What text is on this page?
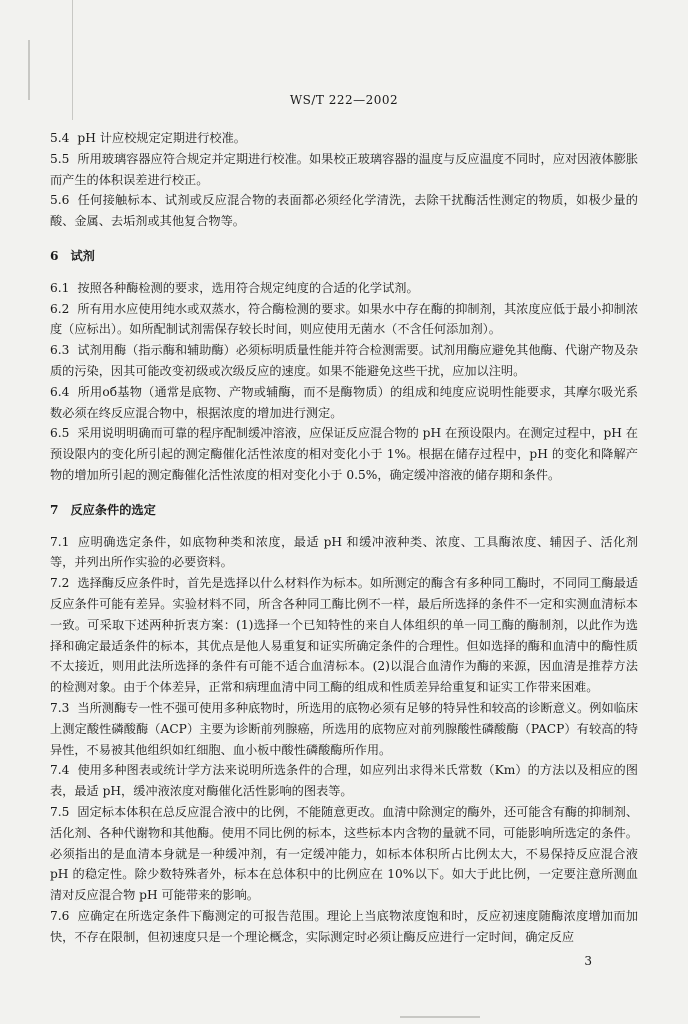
WS/T 222—2002

5.4 pH 计应校规定定期进行校准。

5.5 所用玻璃容器应符合规定并定期进行校准。如果校正玻璃容器的温度与反应温度不同时，应对因液体膨胀而产生的体积误差进行校正。

5.6 任何接触标本、试剂或反应混合物的表面都必须经化学清洗，去除干扰酶活性测定的物质，如极少量的酸、金属、去垢剂或其他复合物等。

6 试剂

6.1 按照各种酶检测的要求，选用符合规定纯度的合适的化学试剂。

6.2 所有用水应使用纯水或双蒸水，符合酶检测的要求。如果水中存在酶的抑制剂，其浓度应低于最小抑制浓度（应标出）。如所配制试剂需保存较长时间，则应使用无菌水（不含任何添加剂）。

6.3 试剂用酶（指示酶和辅助酶）必须标明质量性能并符合检测需要。试剂用酶应避免其他酶、代谢产物及杂质的污染，因其可能改变初级或次级反应的速度。如果不能避免这些干扰，应加以注明。

6.4 所用об基物（通常是底物、产物或辅酶，而不是酶物质）的组成和纯度应说明性能要求，其摩尔吸光系数必须在终反应混合物中，根据浓度的增加进行测定。

6.5 采用说明明确而可靠的程序配制缓冲溶液，应保证反应混合物的 pH 在预设限内。在测定过程中，pH 在预设限内的变化所引起的测定酶催化活性浓度的相对变化小于 1%。根据在储存过程中，pH 的变化和降解产物的增加所引起的测定酶催化活性浓度的相对变化小于 0.5%，确定缓冲溶液的储存期和条件。

7 反应条件的选定

7.1 应明确选定条件，如底物种类和浓度，最适 pH 和缓冲液种类、浓度、工具酶浓度、辅因子、活化剂等，并列出所作实验的必要资料。

7.2 选择酶反应条件时，首先是选择以什么材料作为标本。如所测定的酶含有多种同工酶时，不同同工酶最适反应条件可能有差异。实验材料不同，所含各种同工酶比例不一样，最后所选择的条件不一定和实测血清标本一致。可采取下述两种折衷方案：(1)选择一个已知特性的来自人体组织的单一同工酶的酶制剂，以此作为选择和确定最适条件的标本，其优点是他人易重复和证实所确定条件的合理性。但如选择的酶和血清中的酶性质不太接近，则用此法所选择的条件有可能不适合血清标本。(2)以混合血清作为酶的来源，因血清是推荐方法的检测对象。由于个体差异，正常和病理血清中同工酶的组成和性质差异给重复和证实工作带来困难。

7.3 当所测酶专一性不强可使用多种底物时，所选用的底物必须有足够的特异性和较高的诊断意义。例如临床上测定酸性磷酸酶（ACP）主要为诊断前列腺癌，所选用的底物应对前列腺酸性磷酸酶（PACP）有较高的特异性，不易被其他组织如红细胞、血小板中酸性磷酸酶所作用。

7.4 使用多种图表或统计学方法来说明所选条件的合理，如应列出求得米氏常数（Km）的方法以及相应的图表，最适 pH，缓冲液浓度对酶催化活性影响的图表等。

7.5 固定标本体积在总反应混合液中的比例，不能随意更改。血清中除测定的酶外，还可能含有酶的抑制剂、活化剂、各种代谢物和其他酶。使用不同比例的标本，这些标本内含物的量就不同，可能影响所选定的条件。必须指出的是血清本身就是一种缓冲剂，有一定缓冲能力，如标本体积所占比例太大，不易保持反应混合液 pH 的稳定性。除少数特殊者外，标本在总体积中的比例应在 10%以下。如大于此比例，一定要注意所测血清对反应混合物 pH 可能带来的影响。

7.6 应确定在所选定条件下酶测定的可报告范围。理论上当底物浓度饱和时，反应初速度随酶浓度增加而加快，不存在限制，但初速度只是一个理论概念，实际测定时必须让酶反应进行一定时间，确定反应

3
